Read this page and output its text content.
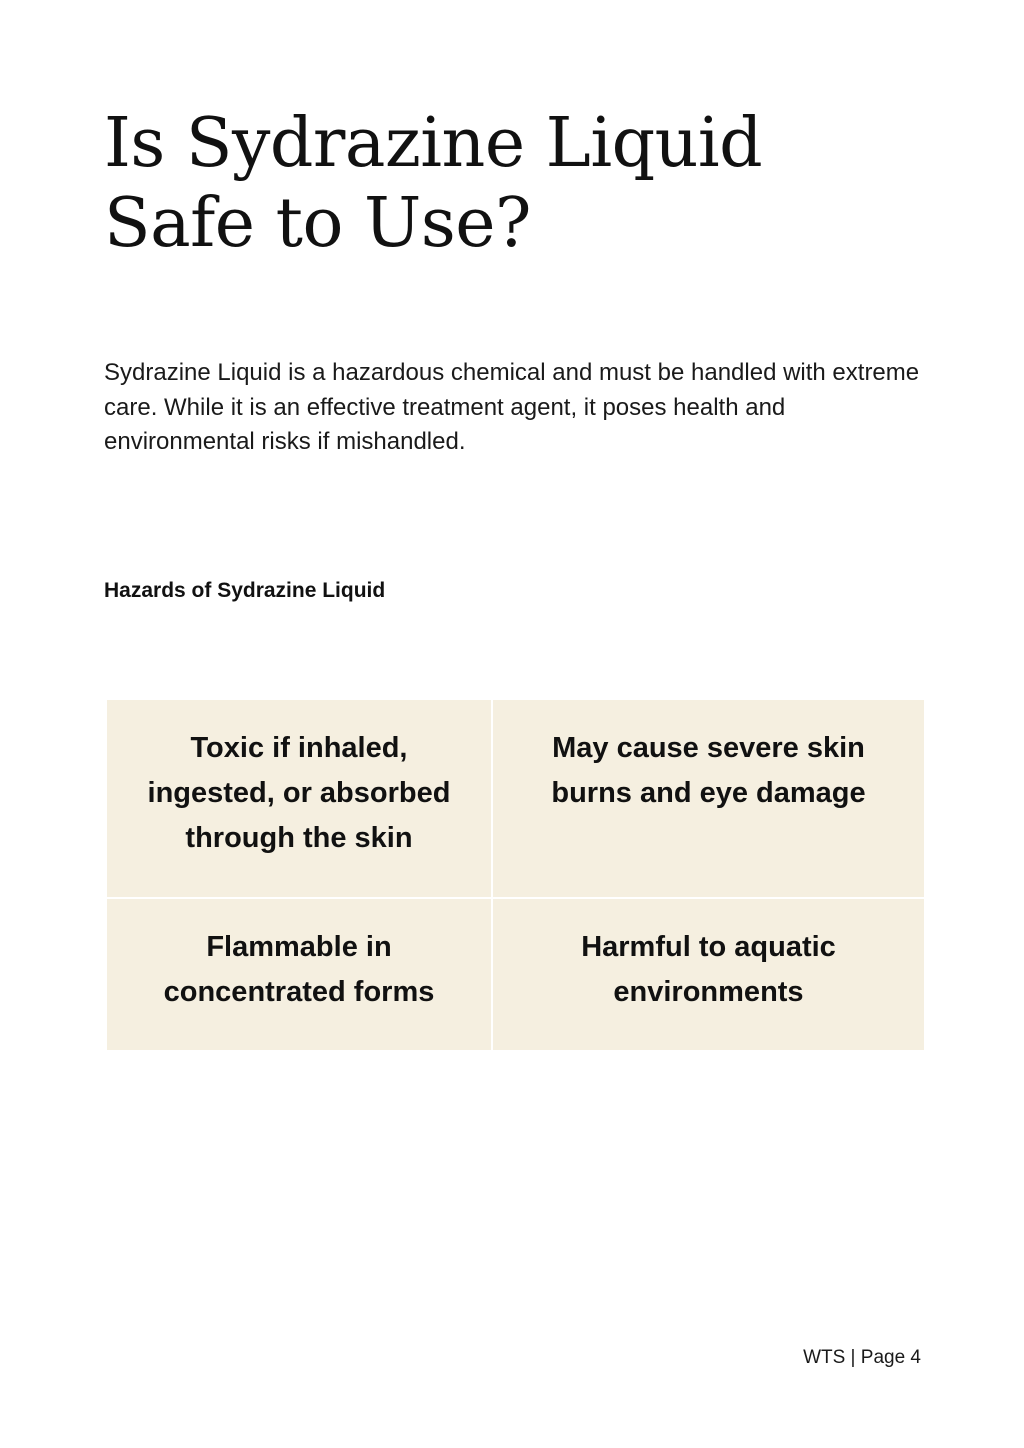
Is Sydrazine Liquid Safe to Use?

Sydrazine Liquid is a hazardous chemical and must be handled with extreme care. While it is an effective treatment agent, it poses health and environmental risks if mishandled.

Hazards of Sydrazine Liquid
Toxic if inhaled, ingested, or absorbed through the skin
May cause severe skin burns and eye damage
Flammable in concentrated forms
Harmful to aquatic environments
WTS | Page 4
